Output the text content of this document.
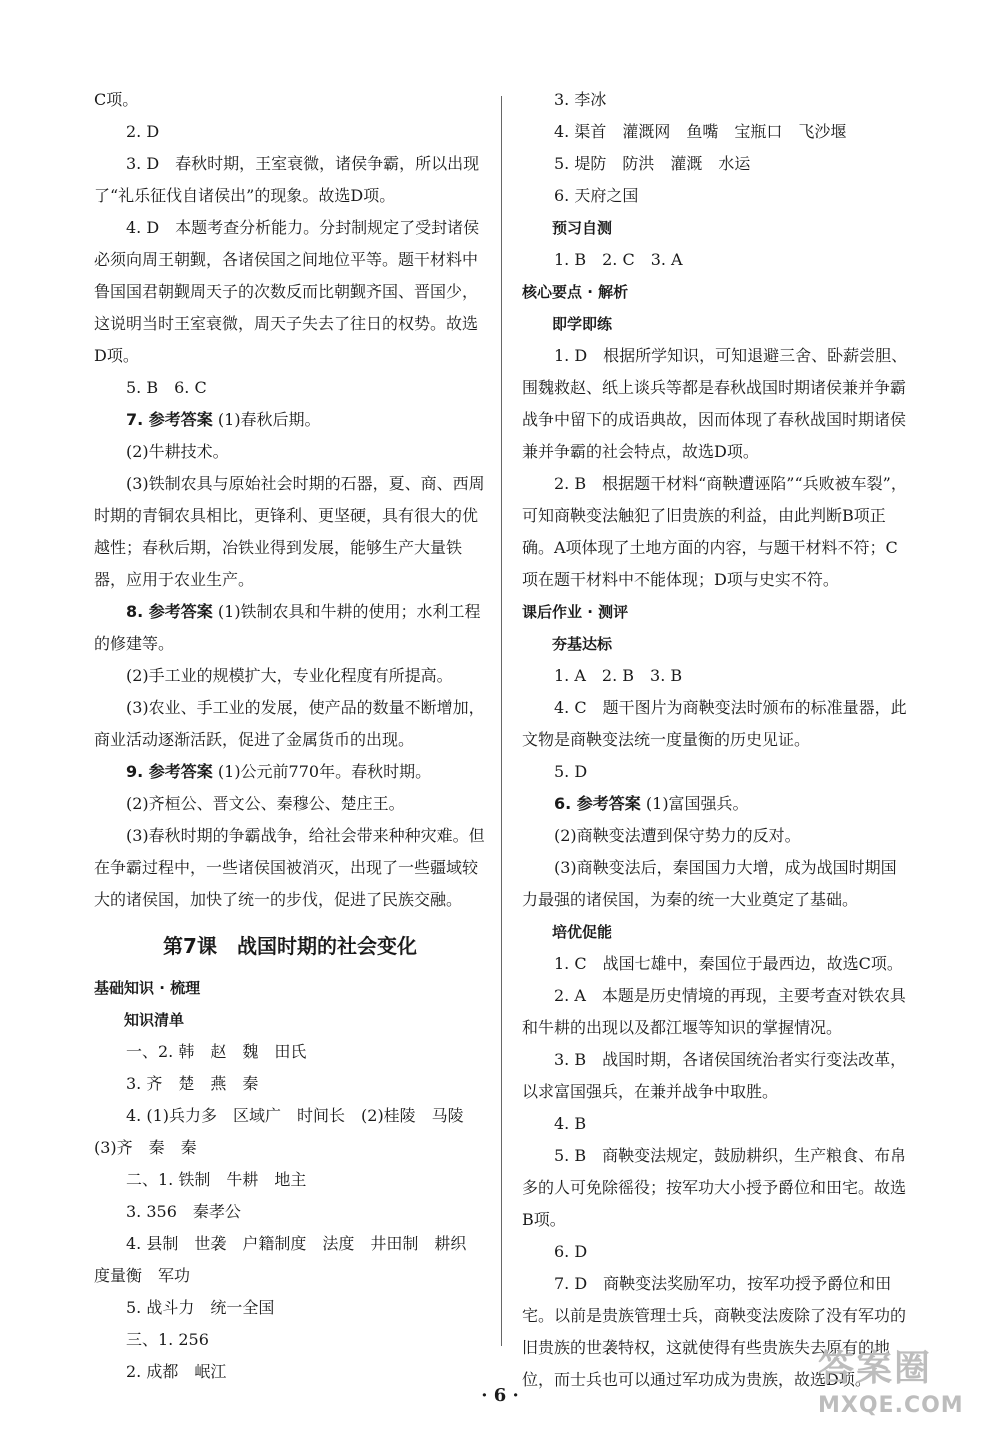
C项。

2. D

3. D　春秋时期，王室衰微，诸侯争霸，所以出现了“礼乐征伐自诸侯出”的现象。故选D项。

4. D　本题考查分析能力。分封制规定了受封诸侯必须向周王朝觐，各诸侯国之间地位平等。题干材料中鲁国国君朝觐周天子的次数反而比朝觐齐国、晋国少，这说明当时王室衰微，周天子失去了往日的权势。故选D项。

5. B　6. C

7. 参考答案 (1)春秋后期。

(2)牛耕技术。

(3)铁制农具与原始社会时期的石器，夏、商、西周时期的青铜农具相比，更锋利、更坚硬，具有很大的优越性；春秋后期，冶铁业得到发展，能够生产大量铁器，应用于农业生产。

8. 参考答案 (1)铁制农具和牛耕的使用；水利工程的修建等。

(2)手工业的规模扩大，专业化程度有所提高。

(3)农业、手工业的发展，使产品的数量不断增加，商业活动逐渐活跃，促进了金属货币的出现。

9. 参考答案 (1)公元前770年。春秋时期。

(2)齐桓公、晋文公、秦穆公、楚庄王。

(3)春秋时期的争霸战争，给社会带来种种灾难。但在争霸过程中，一些诸侯国被消灭，出现了一些疆域较大的诸侯国，加快了统一的步伐，促进了民族交融。

第7课　战国时期的社会变化

基础知识 · 梳理

知识清单

一、2. 韩　赵　魏　田氏

3. 齐　楚　燕　秦

4. (1)兵力多　区域广　时间长　(2)桂陵　马陵　(3)齐　秦　秦

二、1. 铁制　牛耕　地主

3. 356　秦孝公

4. 县制　世袭　户籍制度　法度　井田制　耕织　度量衡　军功

5. 战斗力　统一全国

三、1. 256

2. 成都　岷江

3. 李冰

4. 渠首　灌溉网　鱼嘴　宝瓶口　飞沙堰

5. 堤防　防洪　灌溉　水运

6. 天府之国

预习自测

1. B　2. C　3. A

核心要点 · 解析

即学即练

1. D　根据所学知识，可知退避三舍、卧薪尝胆、围魏救赵、纸上谈兵等都是春秋战国时期诸侯兼并争霸战争中留下的成语典故，因而体现了春秋战国时期诸侯兼并争霸的社会特点，故选D项。

2. B　根据题干材料“商鞅遭诬陷”“兵败被车裂”，可知商鞅变法触犯了旧贵族的利益，由此判断B项正确。A项体现了土地方面的内容，与题干材料不符；C项在题干材料中不能体现；D项与史实不符。

课后作业 · 测评

夯基达标

1. A　2. B　3. B

4. C　题干图片为商鞅变法时颁布的标准量器，此文物是商鞅变法统一度量衡的历史见证。

5. D

6. 参考答案 (1)富国强兵。

(2)商鞅变法遭到保守势力的反对。

(3)商鞅变法后，秦国国力大增，成为战国时期国力最强的诸侯国，为秦的统一大业奠定了基础。

培优促能

1. C　战国七雄中，秦国位于最西边，故选C项。

2. A　本题是历史情境的再现，主要考查对铁农具和牛耕的出现以及都江堰等知识的掌握情况。

3. B　战国时期，各诸侯国统治者实行变法改革，以求富国强兵，在兼并战争中取胜。

4. B

5. B　商鞅变法规定，鼓励耕织，生产粮食、布帛多的人可免除徭役；按军功大小授予爵位和田宅。故选B项。

6. D

7. D　商鞅变法奖励军功，按军功授予爵位和田宅。以前是贵族管理士兵，商鞅变法废除了没有军功的旧贵族的世袭特权，这就使得有些贵族失去原有的地位，而士兵也可以通过军功成为贵族，故选D项。

· 6 ·
答案圈
MXQE.COM
